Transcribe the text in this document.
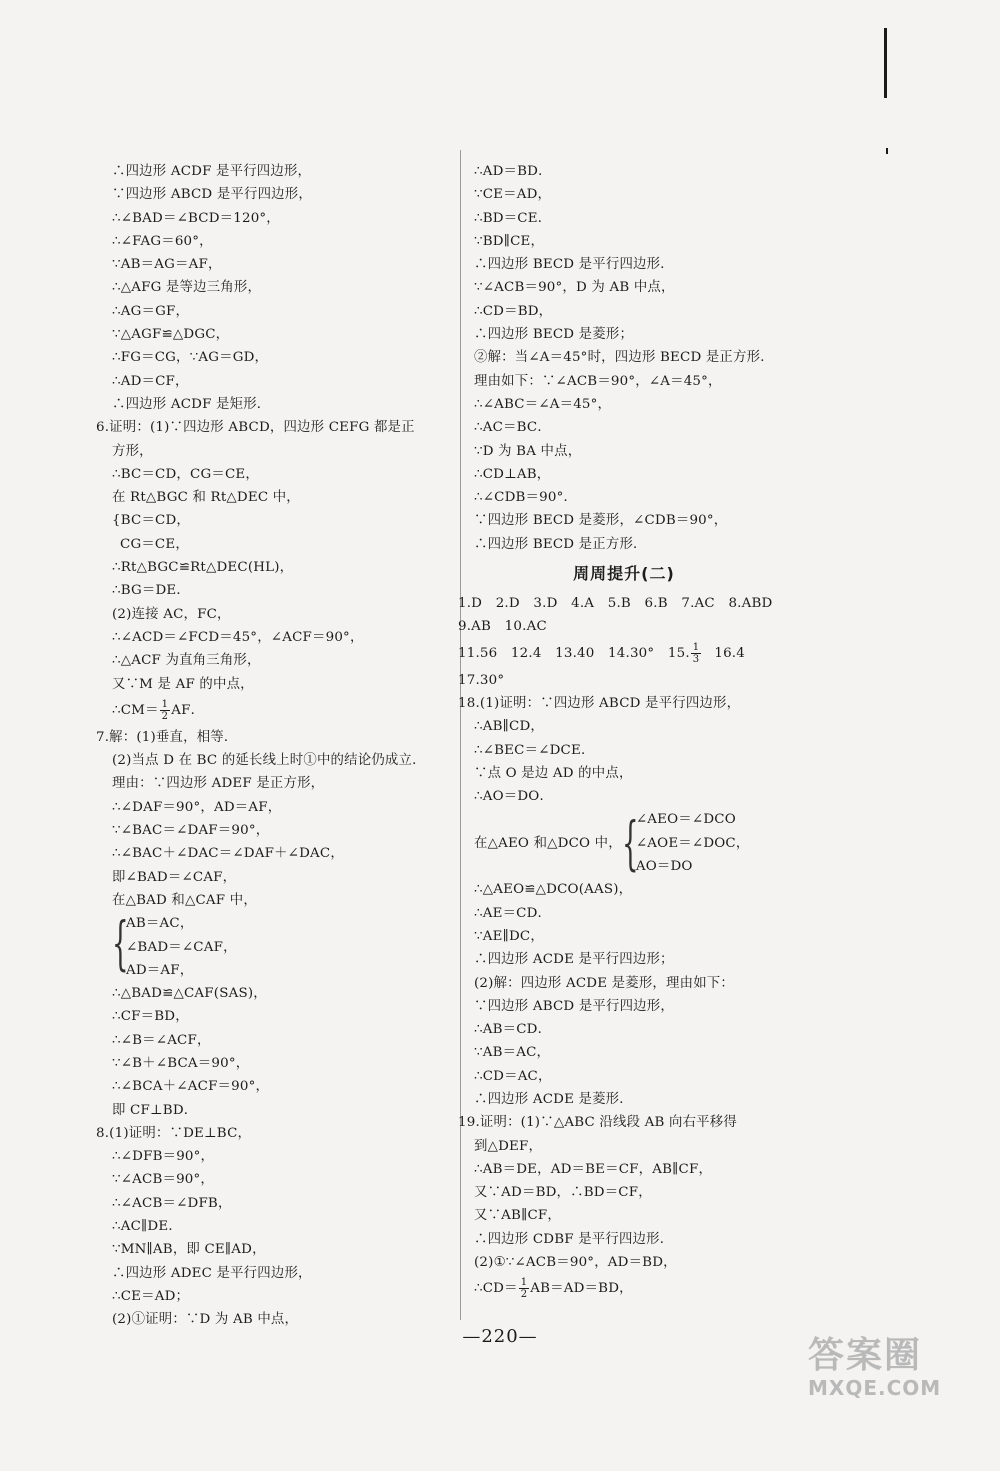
∴四边形 ACDF 是平行四边形，
∵四边形 ABCD 是平行四边形，
∴∠BAD＝∠BCD＝120°，
∴∠FAG＝60°，
∵AB＝AG＝AF，
∴△AFG 是等边三角形，
∴AG＝GF，
∵△AGF≌△DGC，
∴FG＝CG，∵AG＝GD，
∴AD＝CF，
∴四边形 ACDF 是矩形．
6.证明：(1)∵四边形 ABCD，四边形 CEFG 都是正
方形，
∴BC＝CD，CG＝CE，
在 Rt△BGC 和 Rt△DEC 中，
{BC＝CD，
CG＝CE，
∴Rt△BGC≌Rt△DEC(HL)，
∴BG＝DE．
(2)连接 AC，FC，
∴∠ACD＝∠FCD＝45°，∠ACF＝90°，
∴△ACF 为直角三角形，
又∵M 是 AF 的中点，
∴CM＝ $\frac{1}{2}$ AF．
7.解：(1)垂直，相等．
(2)当点 D 在 BC 的延长线上时①中的结论仍成立．
理由：∵四边形 ADEF 是正方形，
∴∠DAF＝90°，AD＝AF，
∵∠BAC＝∠DAF＝90°，
∴∠BAC＋∠DAC＝∠DAF＋∠DAC，
即∠BAD＝∠CAF，
在△BAD 和△CAF 中，
{
AB＝AC，
∠BAD＝∠CAF，
AD＝AF，
∴△BAD≌△CAF(SAS)，
∴CF＝BD，
∴∠B＝∠ACF，
∵∠B＋∠BCA＝90°，
∴∠BCA＋∠ACF＝90°，
即 CF⊥BD．
8.(1)证明：∵DE⊥BC，
∴∠DFB＝90°，
∵∠ACB＝90°，
∴∠ACB＝∠DFB，
∴AC∥DE．
∵MN∥AB，即 CE∥AD，
∴四边形 ADEC 是平行四边形，
∴CE＝AD；
(2)①证明：∵D 为 AB 中点，
∴AD＝BD．
∵CE＝AD，
∴BD＝CE．
∵BD∥CE，
∴四边形 BECD 是平行四边形．
∵∠ACB＝90°，D 为 AB 中点，
∴CD＝BD，
∴四边形 BECD 是菱形；
②解：当∠A＝45°时，四边形 BECD 是正方形．
理由如下：∵∠ACB＝90°，∠A＝45°，
∴∠ABC＝∠A＝45°，
∴AC＝BC．
∵D 为 BA 中点，
∴CD⊥AB，
∴∠CDB＝90°．
∵四边形 BECD 是菱形，∠CDB＝90°，
∴四边形 BECD 是正方形．
周周提升(二)
1.D　2.D　3.D　4.A　5.B　6.B　7.AC　8.ABD
9.AB　10.AC
11.56　12.4　13.40　14.30°　15. $\frac{1}{3} 16.4$
17.30°
18.(1)证明：∵四边形 ABCD 是平行四边形，
∴AB∥CD，
∴∠BEC＝∠DCE．
∵点 O 是边 AD 的中点，
∴AO＝DO．
在△AEO 和△DCO 中， {
∠AEO＝∠DCO
∠AOE＝∠DOC，
AO＝DO
∴△AEO≌△DCO(AAS)，
∴AE＝CD．
∵AE∥DC，
∴四边形 ACDE 是平行四边形；
(2)解：四边形 ACDE 是菱形，理由如下：
∵四边形 ABCD 是平行四边形，
∴AB＝CD．
∵AB＝AC，
∴CD＝AC，
∴四边形 ACDE 是菱形．
19.证明：(1)∵△ABC 沿线段 AB 向右平移得
到△DEF，
∴AB＝DE，AD＝BE＝CF，AB∥CF，
又∵AD＝BD，∴BD＝CF，
又∵AB∥CF，
∴四边形 CDBF 是平行四边形．
(2)①∵∠ACB＝90°，AD＝BD，
∴CD＝ $\frac{1}{2} AB=AD=BD$，
—220—	答案圈
MXQE.COM
